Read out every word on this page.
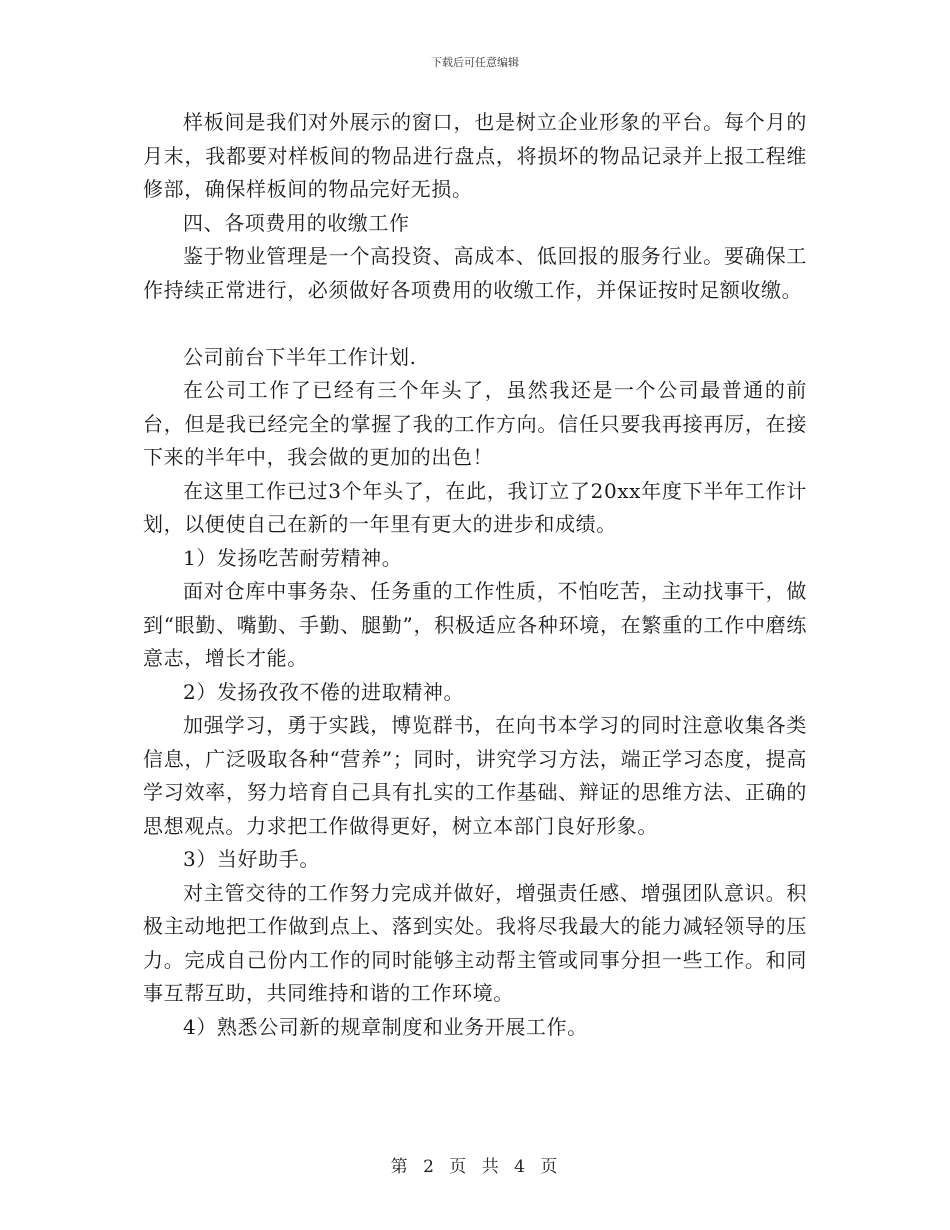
下载后可任意编辑

样板间是我们对外展示的窗口，也是树立企业形象的平台。每个月的月末，我都要对样板间的物品进行盘点，将损坏的物品记录并上报工程维修部，确保样板间的物品完好无损。

四、各项费用的收缴工作

鉴于物业管理是一个高投资、高成本、低回报的服务行业。要确保工作持续正常进行，必须做好各项费用的收缴工作，并保证按时足额收缴。

公司前台下半年工作计划.

在公司工作了已经有三个年头了，虽然我还是一个公司最普通的前台，但是我已经完全的掌握了我的工作方向。信任只要我再接再厉，在接下来的半年中，我会做的更加的出色！

在这里工作已过3个年头了，在此，我订立了20xx年度下半年工作计划，以便使自己在新的一年里有更大的进步和成绩。

1）发扬吃苦耐劳精神。

面对仓库中事务杂、任务重的工作性质，不怕吃苦，主动找事干，做到“眼勤、嘴勤、手勤、腿勤”，积极适应各种环境，在繁重的工作中磨练意志，增长才能。

2）发扬孜孜不倦的进取精神。

加强学习，勇于实践，博览群书，在向书本学习的同时注意收集各类信息，广泛吸取各种“营养”；同时，讲究学习方法，端正学习态度，提高学习效率，努力培育自己具有扎实的工作基础、辩证的思维方法、正确的思想观点。力求把工作做得更好，树立本部门良好形象。

3）当好助手。

对主管交待的工作努力完成并做好，增强责任感、增强团队意识。积极主动地把工作做到点上、落到实处。我将尽我最大的能力减轻领导的压力。完成自己份内工作的同时能够主动帮主管或同事分担一些工作。和同事互帮互助，共同维持和谐的工作环境。

4）熟悉公司新的规章制度和业务开展工作。

第 2 页 共 4 页
